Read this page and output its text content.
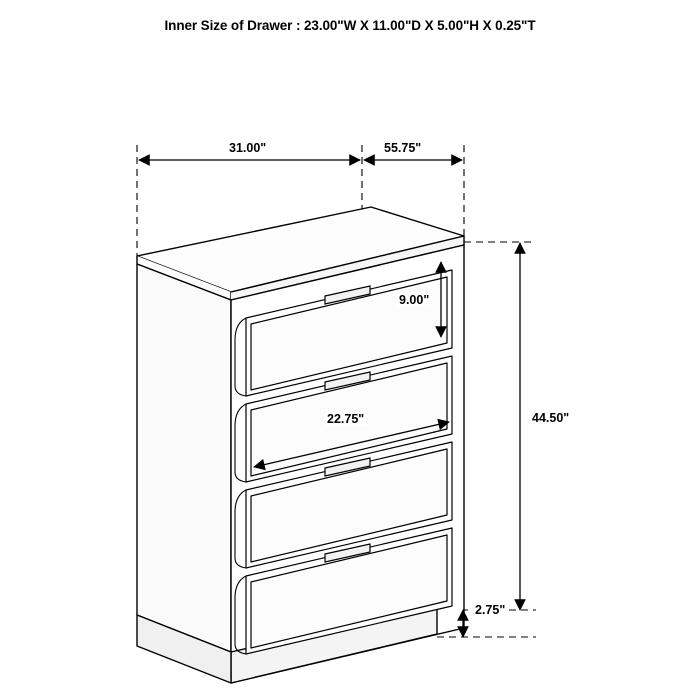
Inner Size of Drawer : 23.00"W X 11.00"D X 5.00"H X 0.25"T
31.00"	55.75"
9.00"
22.75"	44.50"
2.75"
